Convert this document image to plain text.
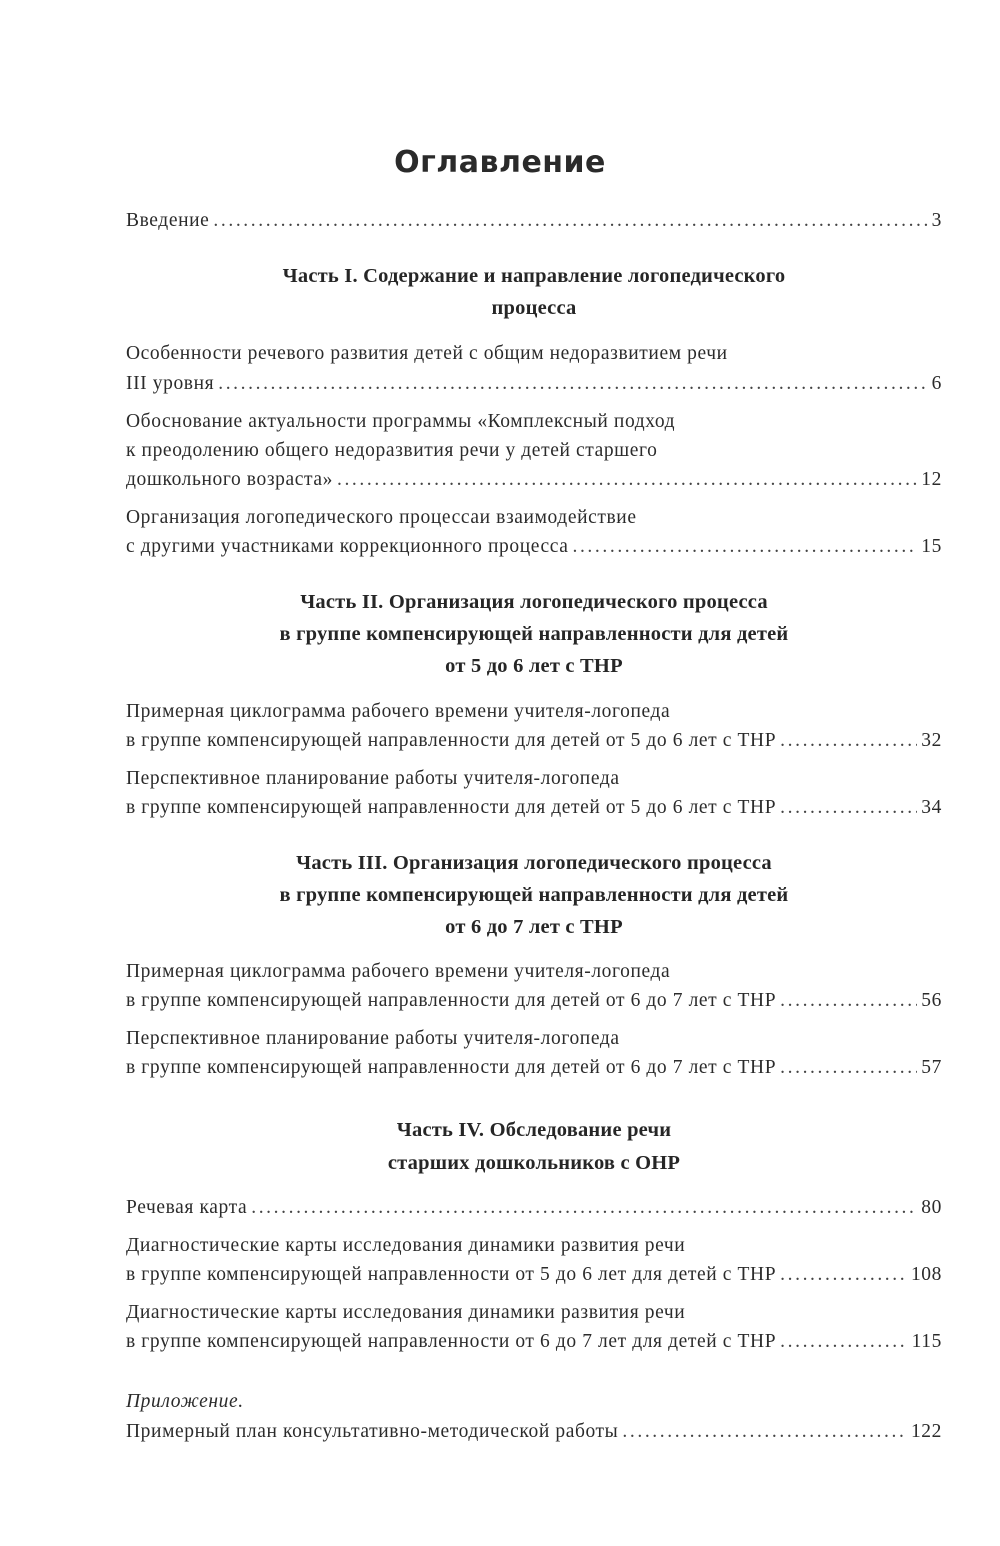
Оглавление
Введение .....	3
Часть I. Содержание и направление логопедического
процесса
Особенности речевого развития детей с общим недоразвитием речи
III уровня .....	6
Обоснование актуальности программы «Комплексный подход
к преодолению общего недоразвития речи у детей старшего
дошкольного возраста» .....	12
Организация логопедического процессаи взаимодействие
с другими участниками коррекционного процесса .....	15
Часть II. Организация логопедического процесса
в группе компенсирующей направленности для детей
от 5 до 6 лет с ТНР
Примерная циклограмма рабочего времени учителя-логопеда
в группе компенсирующей направленности для детей от 5 до 6 лет с ТНР .....	32
Перспективное планирование работы учителя-логопеда
в группе компенсирующей направленности для детей от 5 до 6 лет с ТНР .....	34
Часть III. Организация логопедического процесса
в группе компенсирующей направленности для детей
от 6 до 7 лет с ТНР
Примерная циклограмма рабочего времени учителя-логопеда
в группе компенсирующей направленности для детей от 6 до 7 лет с ТНР .....	56
Перспективное планирование работы учителя-логопеда
в группе компенсирующей направленности для детей от 6 до 7 лет с ТНР .....	57
Часть IV. Обследование речи
старших дошкольников с ОНР
Речевая карта .....	80
Диагностические карты исследования динамики развития речи
в группе компенсирующей направленности от 5 до 6 лет для детей с ТНР .....	108
Диагностические карты исследования динамики развития речи
в группе компенсирующей направленности от 6 до 7 лет для детей с ТНР .....	115
Приложение.
Примерный план консультативно-методической работы .....	122
